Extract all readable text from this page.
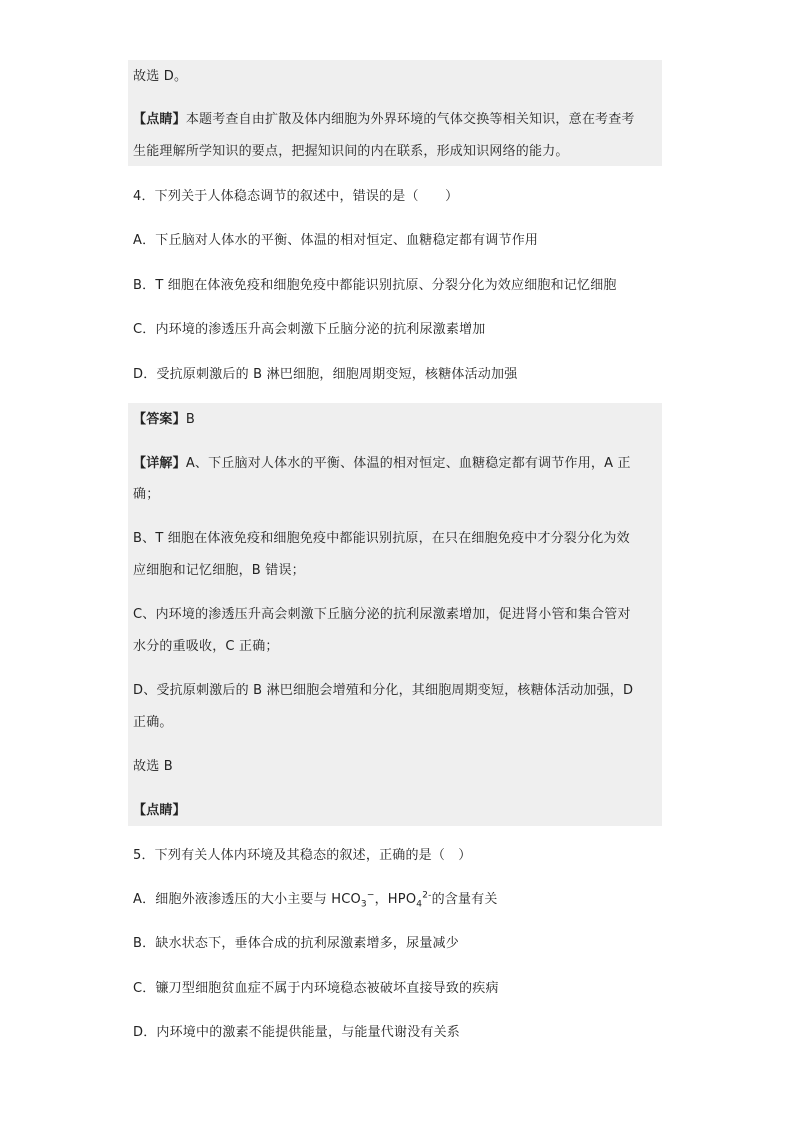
故选 D。
【点睛】本题考查自由扩散及体内细胞为外界环境的气体交换等相关知识，意在考查考
生能理解所学知识的要点，把握知识间的内在联系，形成知识网络的能力。
4．下列关于人体稳态调节的叙述中，错误的是（　　）
A．下丘脑对人体水的平衡、体温的相对恒定、血糖稳定都有调节作用
B．T 细胞在体液免疫和细胞免疫中都能识别抗原、分裂分化为效应细胞和记忆细胞
C．内环境的渗透压升高会刺激下丘脑分泌的抗利尿激素增加
D．受抗原刺激后的 B 淋巴细胞，细胞周期变短，核糖体活动加强
【答案】B
【详解】A、下丘脑对人体水的平衡、体温的相对恒定、血糖稳定都有调节作用，A 正
确；
B、T 细胞在体液免疫和细胞免疫中都能识别抗原，在只在细胞免疫中才分裂分化为效
应细胞和记忆细胞，B 错误；
C、内环境的渗透压升高会刺激下丘脑分泌的抗利尿激素增加，促进肾小管和集合管对
水分的重吸收，C 正确；
D、受抗原刺激后的 B 淋巴细胞会增殖和分化，其细胞周期变短，核糖体活动加强，D
正确。
故选 B
【点睛】
5．下列有关人体内环境及其稳态的叙述，正确的是（　）
A．细胞外液渗透压的大小主要与 $HCO_3^-$，$HPO_4^{2-}$的含量有关
B．缺水状态下，垂体合成的抗利尿激素增多，尿量减少
C．镰刀型细胞贫血症不属于内环境稳态被破坏直接导致的疾病
D．内环境中的激素不能提供能量，与能量代谢没有关系
